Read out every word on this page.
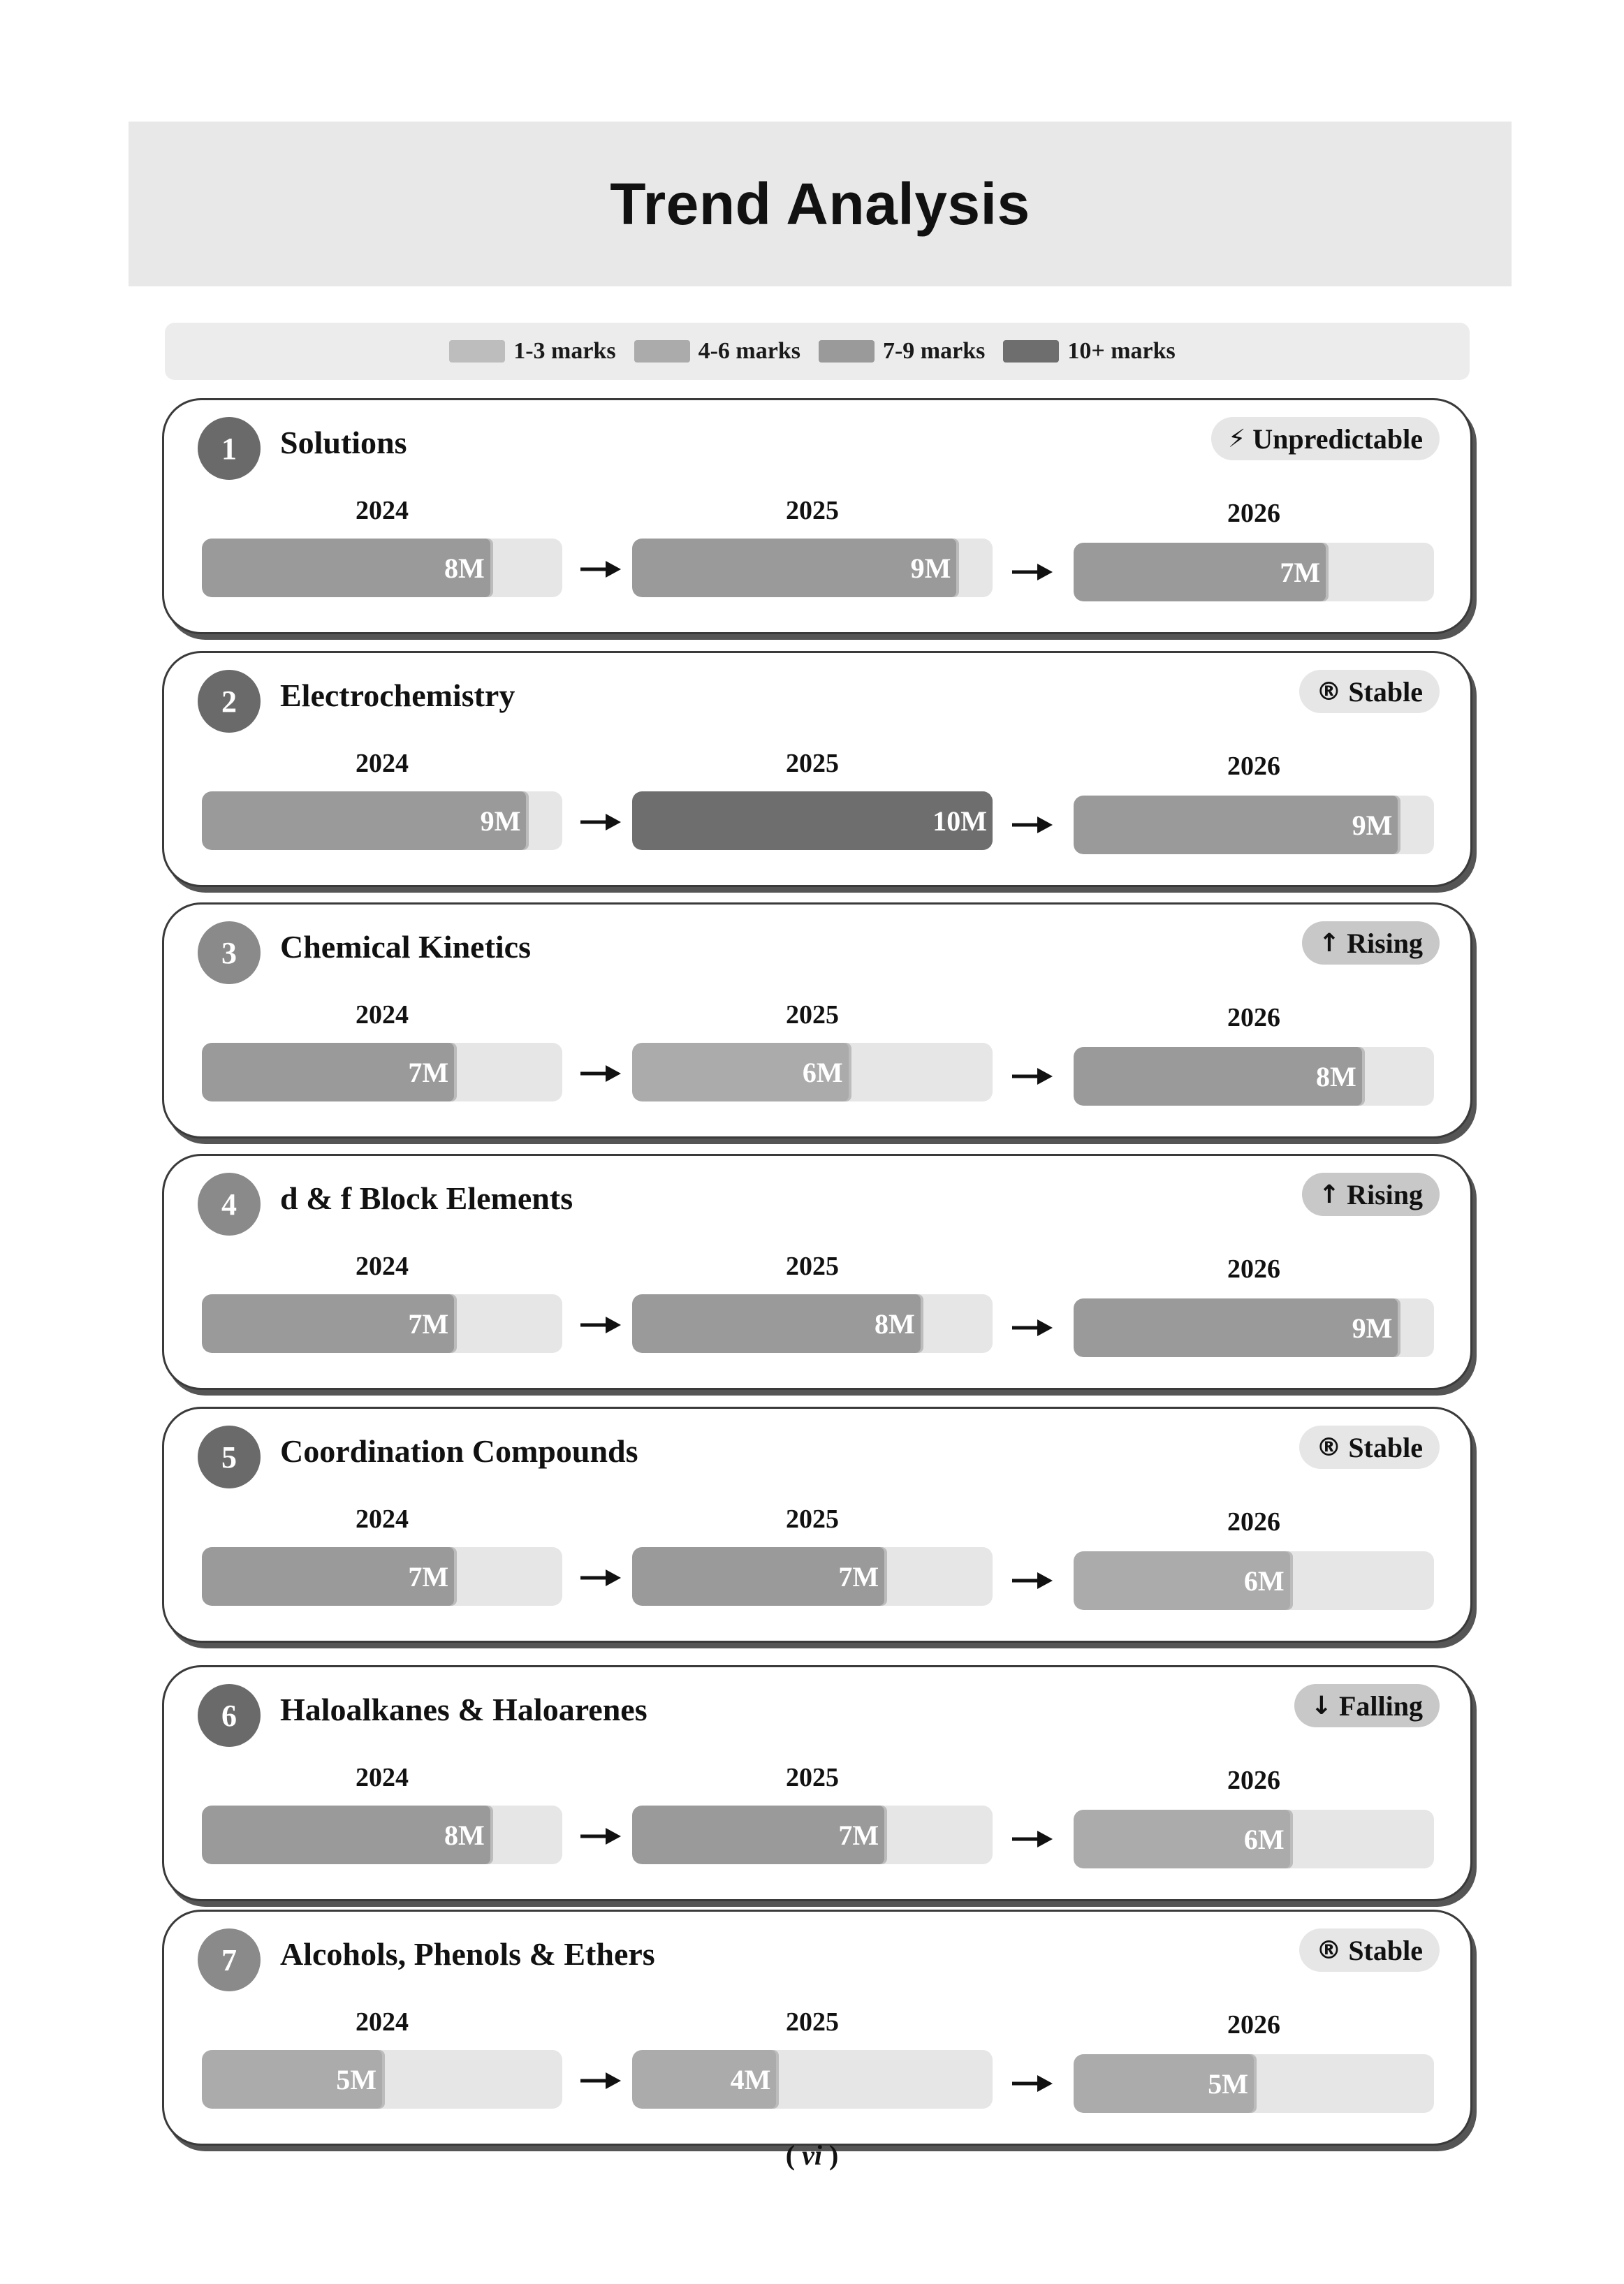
Trend Analysis
1-3 marks	4-6 marks	7-9 marks	10+ marks
1	Solutions	⚡ Unpredictable
2024
8M
2025
9M
2026
7M
2	Electrochemistry	® Stable
2024
9M
2025
10M
2026
9M
3	Chemical Kinetics	↑ Rising
2024
7M
2025
6M
2026
8M
4	d & f Block Elements	↑ Rising
2024
7M
2025
8M
2026
9M
5	Coordination Compounds	® Stable
2024
7M
2025
7M
2026
6M
6	Haloalkanes & Haloarenes	↓ Falling
2024
8M
2025
7M
2026
6M
7	Alcohols, Phenols & Ethers	® Stable
2024
5M
2025
4M
2026
5M
( vi )
